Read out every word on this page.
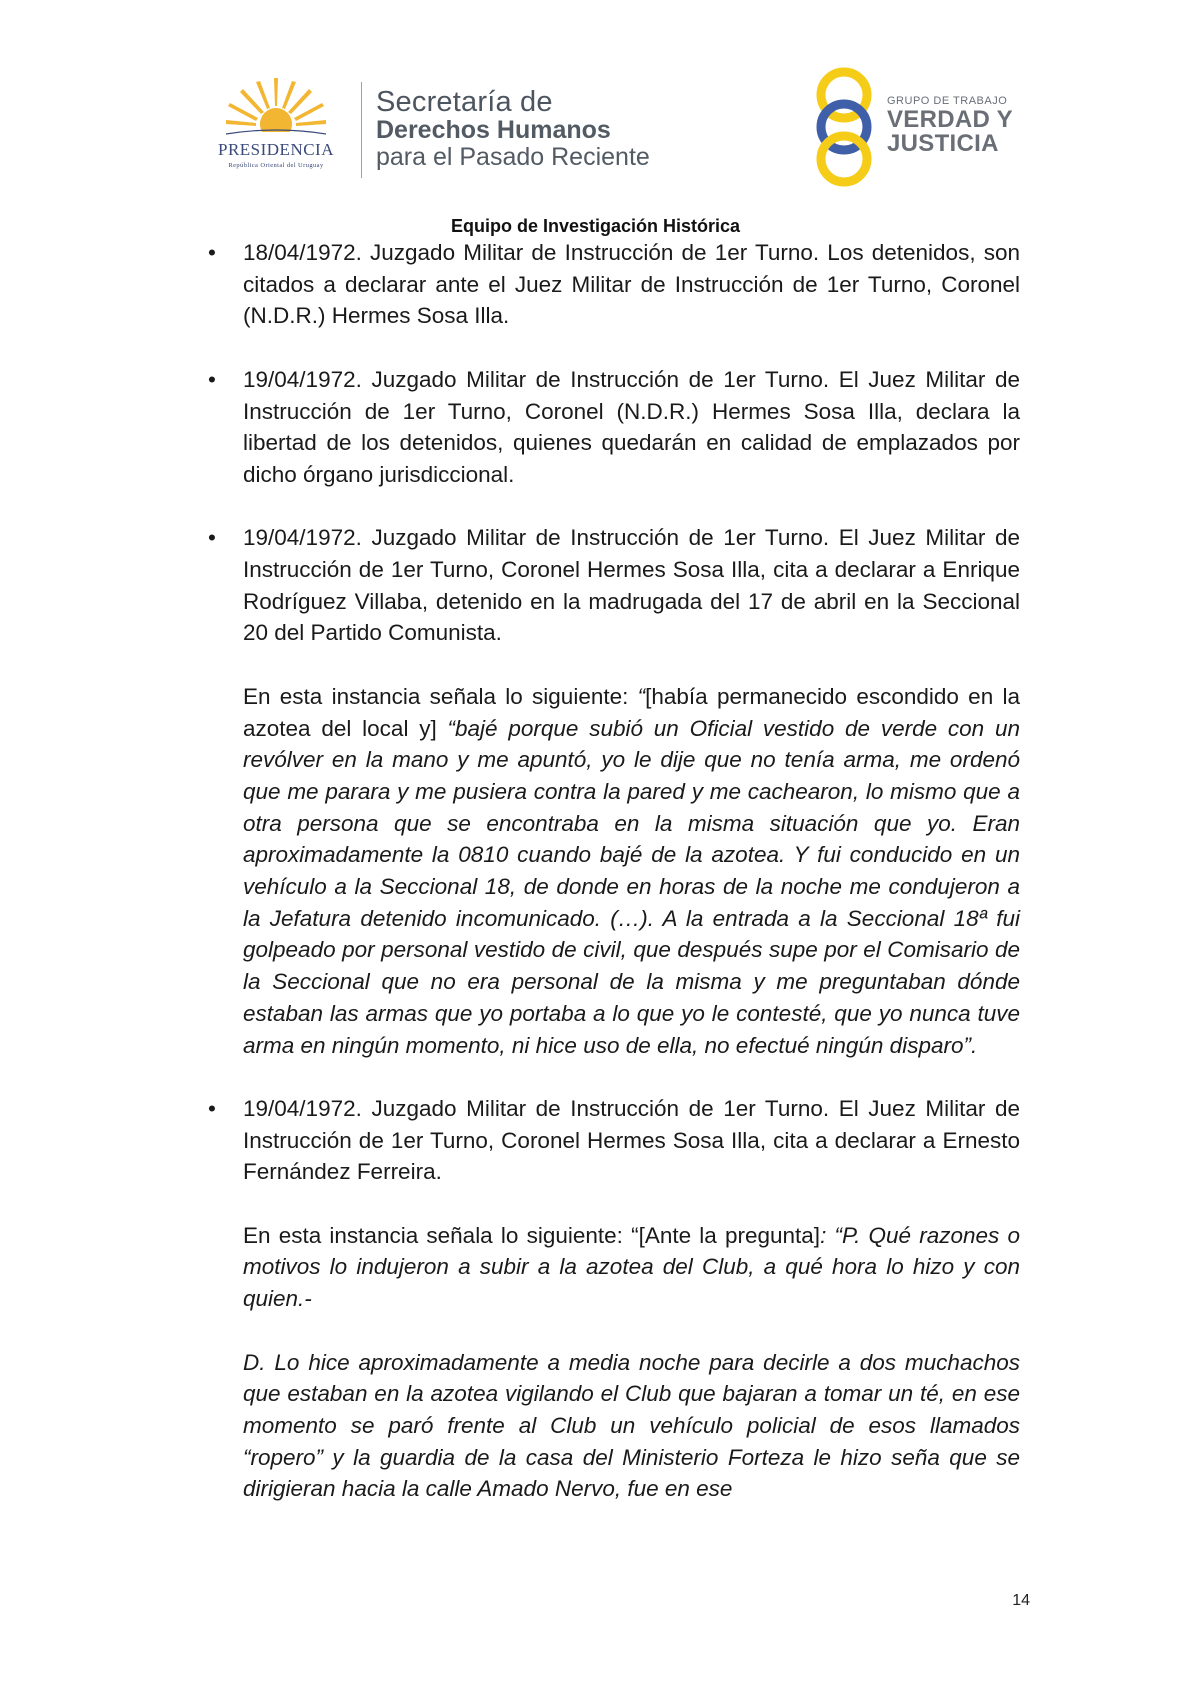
PRESIDENCIA
República Oriental del Uruguay
Secretaría de
Derechos Humanos
para el Pasado Reciente
GRUPO DE TRABAJO
VERDAD Y
JUSTICIA
Equipo de Investigación Histórica
• 18/04/1972. Juzgado Militar de Instrucción de 1er Turno. Los detenidos, son citados a declarar ante el Juez Militar de Instrucción de 1er Turno, Coronel (N.D.R.) Hermes Sosa Illa.
• 19/04/1972. Juzgado Militar de Instrucción de 1er Turno. El Juez Militar de Instrucción de 1er Turno, Coronel (N.D.R.) Hermes Sosa Illa, declara la libertad de los detenidos, quienes quedarán en calidad de emplazados por dicho órgano jurisdiccional.
• 19/04/1972. Juzgado Militar de Instrucción de 1er Turno. El Juez Militar de Instrucción de 1er Turno, Coronel Hermes Sosa Illa, cita a declarar a Enrique Rodríguez Villaba, detenido en la madrugada del 17 de abril en la Seccional 20 del Partido Comunista.
En esta instancia señala lo siguiente: “[había permanecido escondido en la azotea del local y] “bajé porque subió un Oficial vestido de verde con un revólver en la mano y me apuntó, yo le dije que no tenía arma, me ordenó que me parara y me pusiera contra la pared y me cachearon, lo mismo que a otra persona que se encontraba en la misma situación que yo. Eran aproximadamente la 0810 cuando bajé de la azotea. Y fui conducido en un vehículo a la Seccional 18, de donde en horas de la noche me condujeron a la Jefatura detenido incomunicado. (…). A la entrada a la Seccional 18ª fui golpeado por personal vestido de civil, que después supe por el Comisario de la Seccional que no era personal de la misma y me preguntaban dónde estaban las armas que yo portaba a lo que yo le contesté, que yo nunca tuve arma en ningún momento, ni hice uso de ella, no efectué ningún disparo”.
• 19/04/1972. Juzgado Militar de Instrucción de 1er Turno. El Juez Militar de Instrucción de 1er Turno, Coronel Hermes Sosa Illa, cita a declarar a Ernesto Fernández Ferreira.
En esta instancia señala lo siguiente: “[Ante la pregunta]: “P. Qué razones o motivos lo indujeron a subir a la azotea del Club, a qué hora lo hizo y con quien.-
D. Lo hice aproximadamente a media noche para decirle a dos muchachos que estaban en la azotea vigilando el Club que bajaran a tomar un té, en ese momento se paró frente al Club un vehículo policial de esos llamados “ropero” y la guardia de la casa del Ministerio Forteza le hizo seña que se dirigieran hacia la calle Amado Nervo, fue en ese
14
